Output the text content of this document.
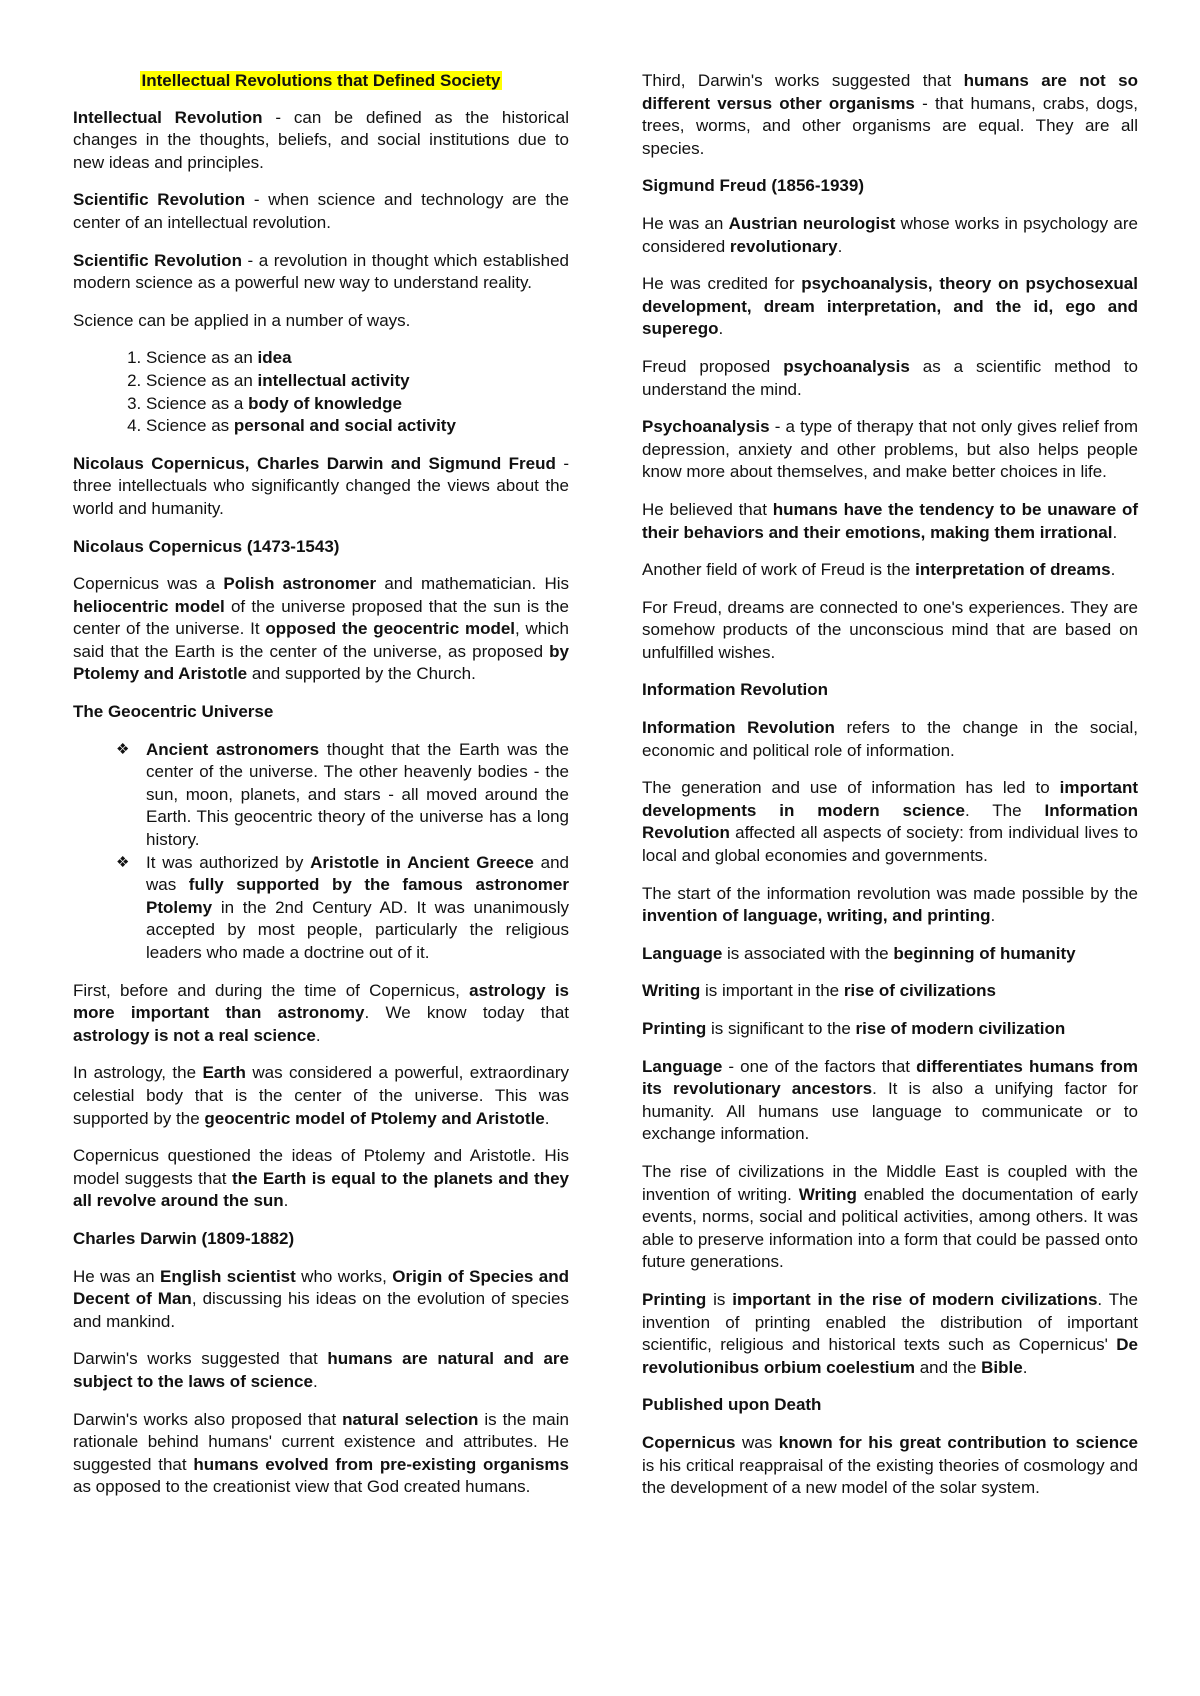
Intellectual Revolutions that Defined Society

Intellectual Revolution - can be defined as the historical changes in the thoughts, beliefs, and social institutions due to new ideas and principles.

Scientific Revolution - when science and technology are the center of an intellectual revolution.

Scientific Revolution - a revolution in thought which established modern science as a powerful new way to understand reality.

Science can be applied in a number of ways.

1. Science as an idea
2. Science as an intellectual activity
3. Science as a body of knowledge
4. Science as personal and social activity

Nicolaus Copernicus, Charles Darwin and Sigmund Freud - three intellectuals who significantly changed the views about the world and humanity.

Nicolaus Copernicus (1473-1543)

Copernicus was a Polish astronomer and mathematician. His heliocentric model of the universe proposed that the sun is the center of the universe. It opposed the geocentric model, which said that the Earth is the center of the universe, as proposed by Ptolemy and Aristotle and supported by the Church.

The Geocentric Universe

❖ Ancient astronomers thought that the Earth was the center of the universe. The other heavenly bodies - the sun, moon, planets, and stars - all moved around the Earth. This geocentric theory of the universe has a long history.
❖ It was authorized by Aristotle in Ancient Greece and was fully supported by the famous astronomer Ptolemy in the 2nd Century AD. It was unanimously accepted by most people, particularly the religious leaders who made a doctrine out of it.

First, before and during the time of Copernicus, astrology is more important than astronomy. We know today that astrology is not a real science.

In astrology, the Earth was considered a powerful, extraordinary celestial body that is the center of the universe. This was supported by the geocentric model of Ptolemy and Aristotle.

Copernicus questioned the ideas of Ptolemy and Aristotle. His model suggests that the Earth is equal to the planets and they all revolve around the sun.

Charles Darwin (1809-1882)

He was an English scientist who works, Origin of Species and Decent of Man, discussing his ideas on the evolution of species and mankind.

Darwin's works suggested that humans are natural and are subject to the laws of science.

Darwin's works also proposed that natural selection is the main rationale behind humans' current existence and attributes. He suggested that humans evolved from pre-existing organisms as opposed to the creationist view that God created humans.

Third, Darwin's works suggested that humans are not so different versus other organisms - that humans, crabs, dogs, trees, worms, and other organisms are equal. They are all species.

Sigmund Freud (1856-1939)

He was an Austrian neurologist whose works in psychology are considered revolutionary.

He was credited for psychoanalysis, theory on psychosexual development, dream interpretation, and the id, ego and superego.

Freud proposed psychoanalysis as a scientific method to understand the mind.

Psychoanalysis - a type of therapy that not only gives relief from depression, anxiety and other problems, but also helps people know more about themselves, and make better choices in life.

He believed that humans have the tendency to be unaware of their behaviors and their emotions, making them irrational.

Another field of work of Freud is the interpretation of dreams.

For Freud, dreams are connected to one's experiences. They are somehow products of the unconscious mind that are based on unfulfilled wishes.

Information Revolution

Information Revolution refers to the change in the social, economic and political role of information.

The generation and use of information has led to important developments in modern science. The Information Revolution affected all aspects of society: from individual lives to local and global economies and governments.

The start of the information revolution was made possible by the invention of language, writing, and printing.

Language is associated with the beginning of humanity

Writing is important in the rise of civilizations

Printing is significant to the rise of modern civilization

Language - one of the factors that differentiates humans from its revolutionary ancestors. It is also a unifying factor for humanity. All humans use language to communicate or to exchange information.

The rise of civilizations in the Middle East is coupled with the invention of writing. Writing enabled the documentation of early events, norms, social and political activities, among others. It was able to preserve information into a form that could be passed onto future generations.

Printing is important in the rise of modern civilizations. The invention of printing enabled the distribution of important scientific, religious and historical texts such as Copernicus' De revolutionibus orbium coelestium and the Bible.

Published upon Death

Copernicus was known for his great contribution to science is his critical reappraisal of the existing theories of cosmology and the development of a new model of the solar system.
